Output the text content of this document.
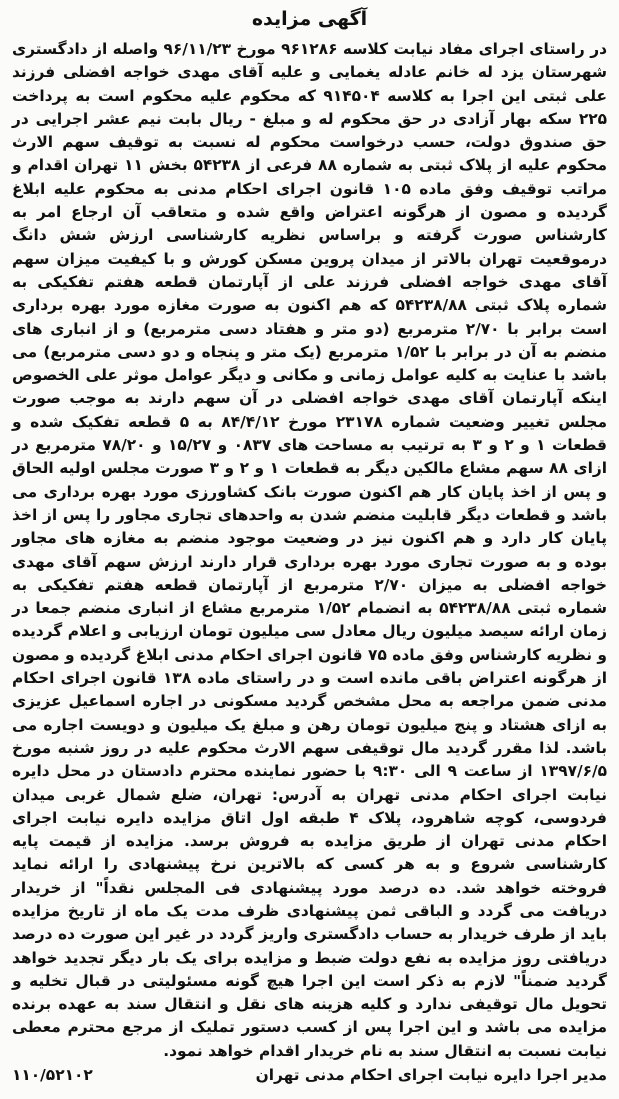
آگهی مزایده

در راستای اجرای مفاد نیابت کلاسه ۹۶۱۲۸۶ مورخ ۹۶/۱۱/۲۳ واصله از دادگستری شهرستان یزد له خانم عادله یغمایی و علیه آقای مهدی خواجه افضلی فرزند علی ثبتی این اجرا به کلاسه ۹۱۴۵۰۴ که محکوم علیه محکوم است به پرداخت ۲۲۵ سکه بهار آزادی در حق محکوم له و مبلغ - ریال بابت نیم عشر اجرایی در حق صندوق دولت، حسب درخواست محکوم له نسبت به توقیف سهم الارث محکوم علیه از پلاک ثبتی به شماره ۸۸ فرعی از ۵۴۲۳۸ بخش ۱۱ تهران اقدام و مراتب توقیف وفق ماده ۱۰۵ قانون اجرای احکام مدنی به محکوم علیه ابلاغ گردیده و مصون از هرگونه اعتراض واقع شده و متعاقب آن ارجاع امر به کارشناس صورت گرفته و براساس نظریه کارشناسی ارزش شش دانگ درموقعیت تهران بالاتر از میدان پروین مسکن کورش و با کیفیت میزان سهم آقای مهدی خواجه افضلی فرزند علی از آپارتمان قطعه هفتم تفکیکی به شماره پلاک ثبتی ۵۴۲۳۸/۸۸ که هم اکنون به صورت مغازه مورد بهره برداری است برابر با ۲/۷۰ مترمربع (دو متر و هفتاد دسی مترمربع) و از انباری های منضم به آن در برابر با ۱/۵۲ مترمربع (یک متر و پنجاه و دو دسی مترمربع) می باشد با عنایت به کلیه عوامل زمانی و مکانی و دیگر عوامل موثر علی الخصوص اینکه آپارتمان آقای مهدی خواجه افضلی در آن سهم دارند به موجب صورت مجلس تغییر وضعیت شماره ۲۳۱۷۸ مورخ ۸۴/۴/۱۲ به ۵ قطعه تفکیک شده و قطعات ۱ و ۲ و ۳ به ترتیب به مساحت های ۰۸۳۷ و ۱۵/۲۷ و ۷۸/۲۰ مترمربع در ازای ۸۸ سهم مشاع مالکین دیگر به قطعات ۱ و ۲ و ۳ صورت مجلس اولیه الحاق و پس از اخذ پایان کار هم اکنون صورت بانک کشاورزی مورد بهره برداری می باشد و قطعات دیگر قابلیت منضم شدن به واحدهای تجاری مجاور را پس از اخذ پایان کار دارد و هم اکنون نیز در وضعیت موجود منضم به مغازه های مجاور بوده و به صورت تجاری مورد بهره برداری قرار دارند ارزش سهم آقای مهدی خواجه افضلی به میزان ۲/۷۰ مترمربع از آپارتمان قطعه هفتم تفکیکی به شماره ثبتی ۵۴۲۳۸/۸۸ به انضمام ۱/۵۲ مترمربع مشاع از انباری منضم جمعا در زمان ارائه سیصد میلیون ریال معادل سی میلیون تومان ارزیابی و اعلام گردیده و نظریه کارشناس وفق ماده ۷۵ قانون اجرای احکام مدنی ابلاغ گردیده و مصون از هرگونه اعتراض باقی مانده است و در راستای ماده ۱۳۸ قانون اجرای احکام مدنی ضمن مراجعه به محل مشخص گردید مسکونی در اجاره اسماعیل عزیزی به ازای هشتاد و پنج میلیون تومان رهن و مبلغ یک میلیون و دویست اجاره می باشد. لذا مقرر گردید مال توقیفی سهم الارث محکوم علیه در روز شنبه مورخ ۱۳۹۷/۶/۵ از ساعت ۹ الی ۹:۳۰ با حضور نماینده محترم دادستان در محل دایره نیابت اجرای احکام مدنی تهران به آدرس: تهران، ضلع شمال غربی میدان فردوسی، کوچه شاهرود، پلاک ۴ طبقه اول اتاق مزایده دایره نیابت اجرای احکام مدنی تهران از طریق مزایده به فروش برسد. مزایده از قیمت پایه کارشناسی شروع و به هر کسی که بالاترین نرخ پیشنهادی را ارائه نماید فروخته خواهد شد. ده درصد مورد پیشنهادی فی المجلس نقداً" از خریدار دریافت می گردد و الباقی ثمن پیشنهادی ظرف مدت یک ماه از تاریخ مزایده باید از طرف خریدار به حساب دادگستری واریز گردد در غیر این صورت ده درصد دریافتی روز مزایده به نفع دولت ضبط و مزایده برای یک بار دیگر تجدید خواهد گردید ضمناً" لازم به ذکر است این اجرا هیچ گونه مسئولیتی در قبال تخلیه و تحویل مال توقیفی ندارد و کلیه هزینه های نقل و انتقال سند به عهده برنده مزایده می باشد و این اجرا پس از کسب دستور تملیک از مرجع محترم معطی نیابت نسبت به انتقال سند به نام خریدار اقدام خواهد نمود.

مدیر اجرا دایره نیابت اجرای احکام مدنی تهران
۱۱۰/۵۲۱۰۲
